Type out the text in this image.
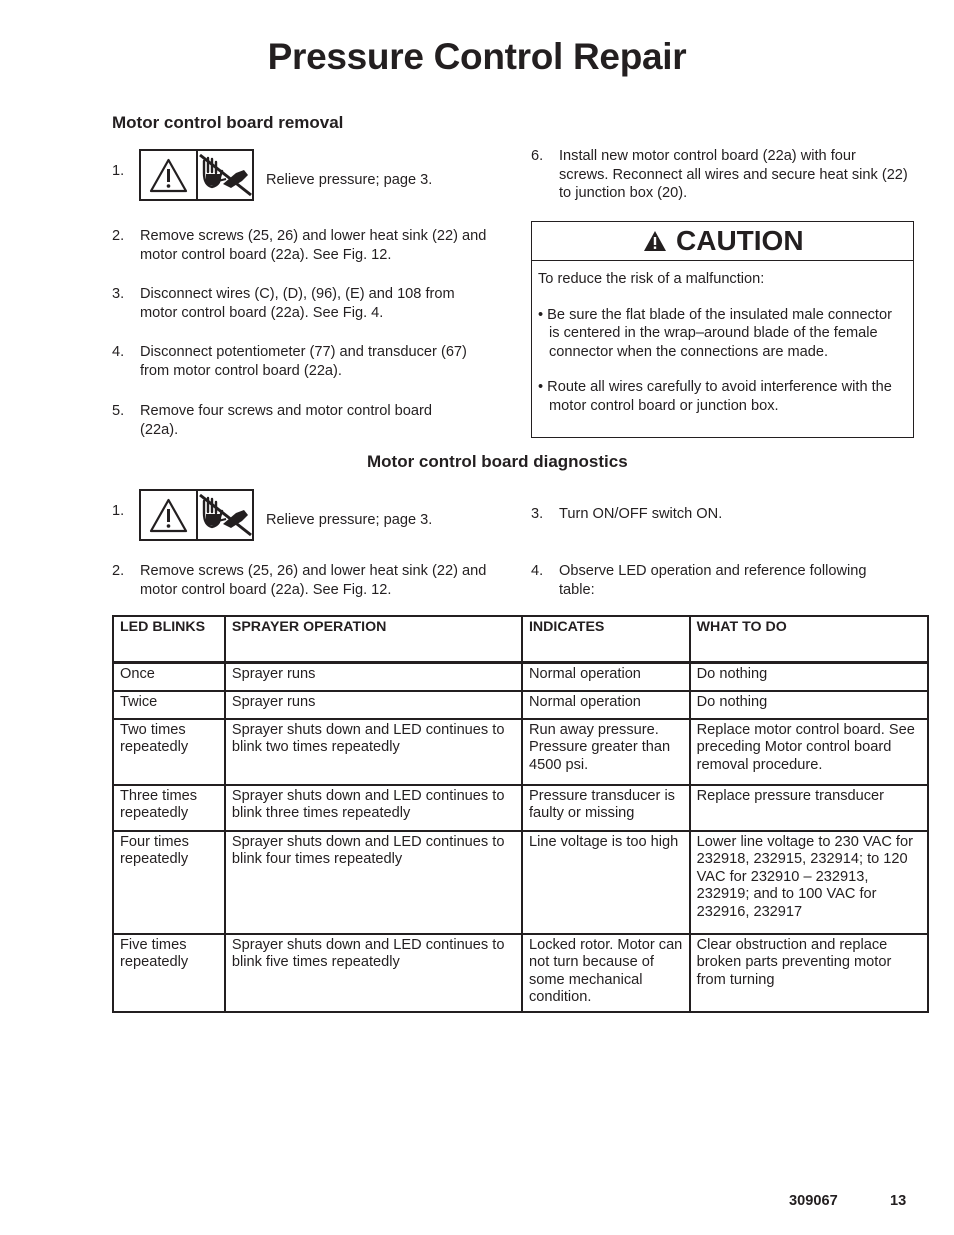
Pressure Control Repair
Motor control board removal
1.
Relieve pressure; page 3.
2. Remove screws (25, 26) and lower heat sink (22) and motor control board (22a). See Fig. 12.
3. Disconnect wires (C), (D), (96), (E) and 108 from motor control board (22a). See Fig. 4.
4. Disconnect potentiometer (77) and transducer (67) from motor control board (22a).
5. Remove four screws and motor control board (22a).
6. Install new motor control board (22a) with four screws. Reconnect all wires and secure heat sink (22) to junction box (20).
CAUTION

To reduce the risk of a malfunction:

• Be sure the flat blade of the insulated male connector is centered in the wrap–around blade of the female connector when the connections are made.

• Route all wires carefully to avoid interference with the motor control board or junction box.

Motor control board diagnostics
1.
Relieve pressure; page 3.
2. Remove screws (25, 26) and lower heat sink (22) and motor control board (22a). See Fig. 12.
3. Turn ON/OFF switch ON.
4. Observe LED operation and reference following table:
LED BLINKS	SPRAYER OPERATION	INDICATES	WHAT TO DO
Once	Sprayer runs	Normal operation	Do nothing
Twice	Sprayer runs	Normal operation	Do nothing
Two times repeatedly	Sprayer shuts down and LED continues to blink two times repeatedly	Run away pressure. Pressure greater than 4500 psi.	Replace motor control board. See preceding Motor control board removal procedure.
Three times repeatedly	Sprayer shuts down and LED continues to blink three times repeatedly	Pressure transducer is faulty or missing	Replace pressure transducer
Four times repeatedly	Sprayer shuts down and LED continues to blink four times repeatedly	Line voltage is too high	Lower line voltage to 230 VAC for 232918, 232915, 232914; to 120 VAC for 232910 – 232913, 232919; and to 100 VAC for 232916, 232917
Five times repeatedly	Sprayer shuts down and LED continues to blink five times repeatedly	Locked rotor. Motor can not turn because of some mechanical condition.	Clear obstruction and replace broken parts preventing motor from turning
309067	13
